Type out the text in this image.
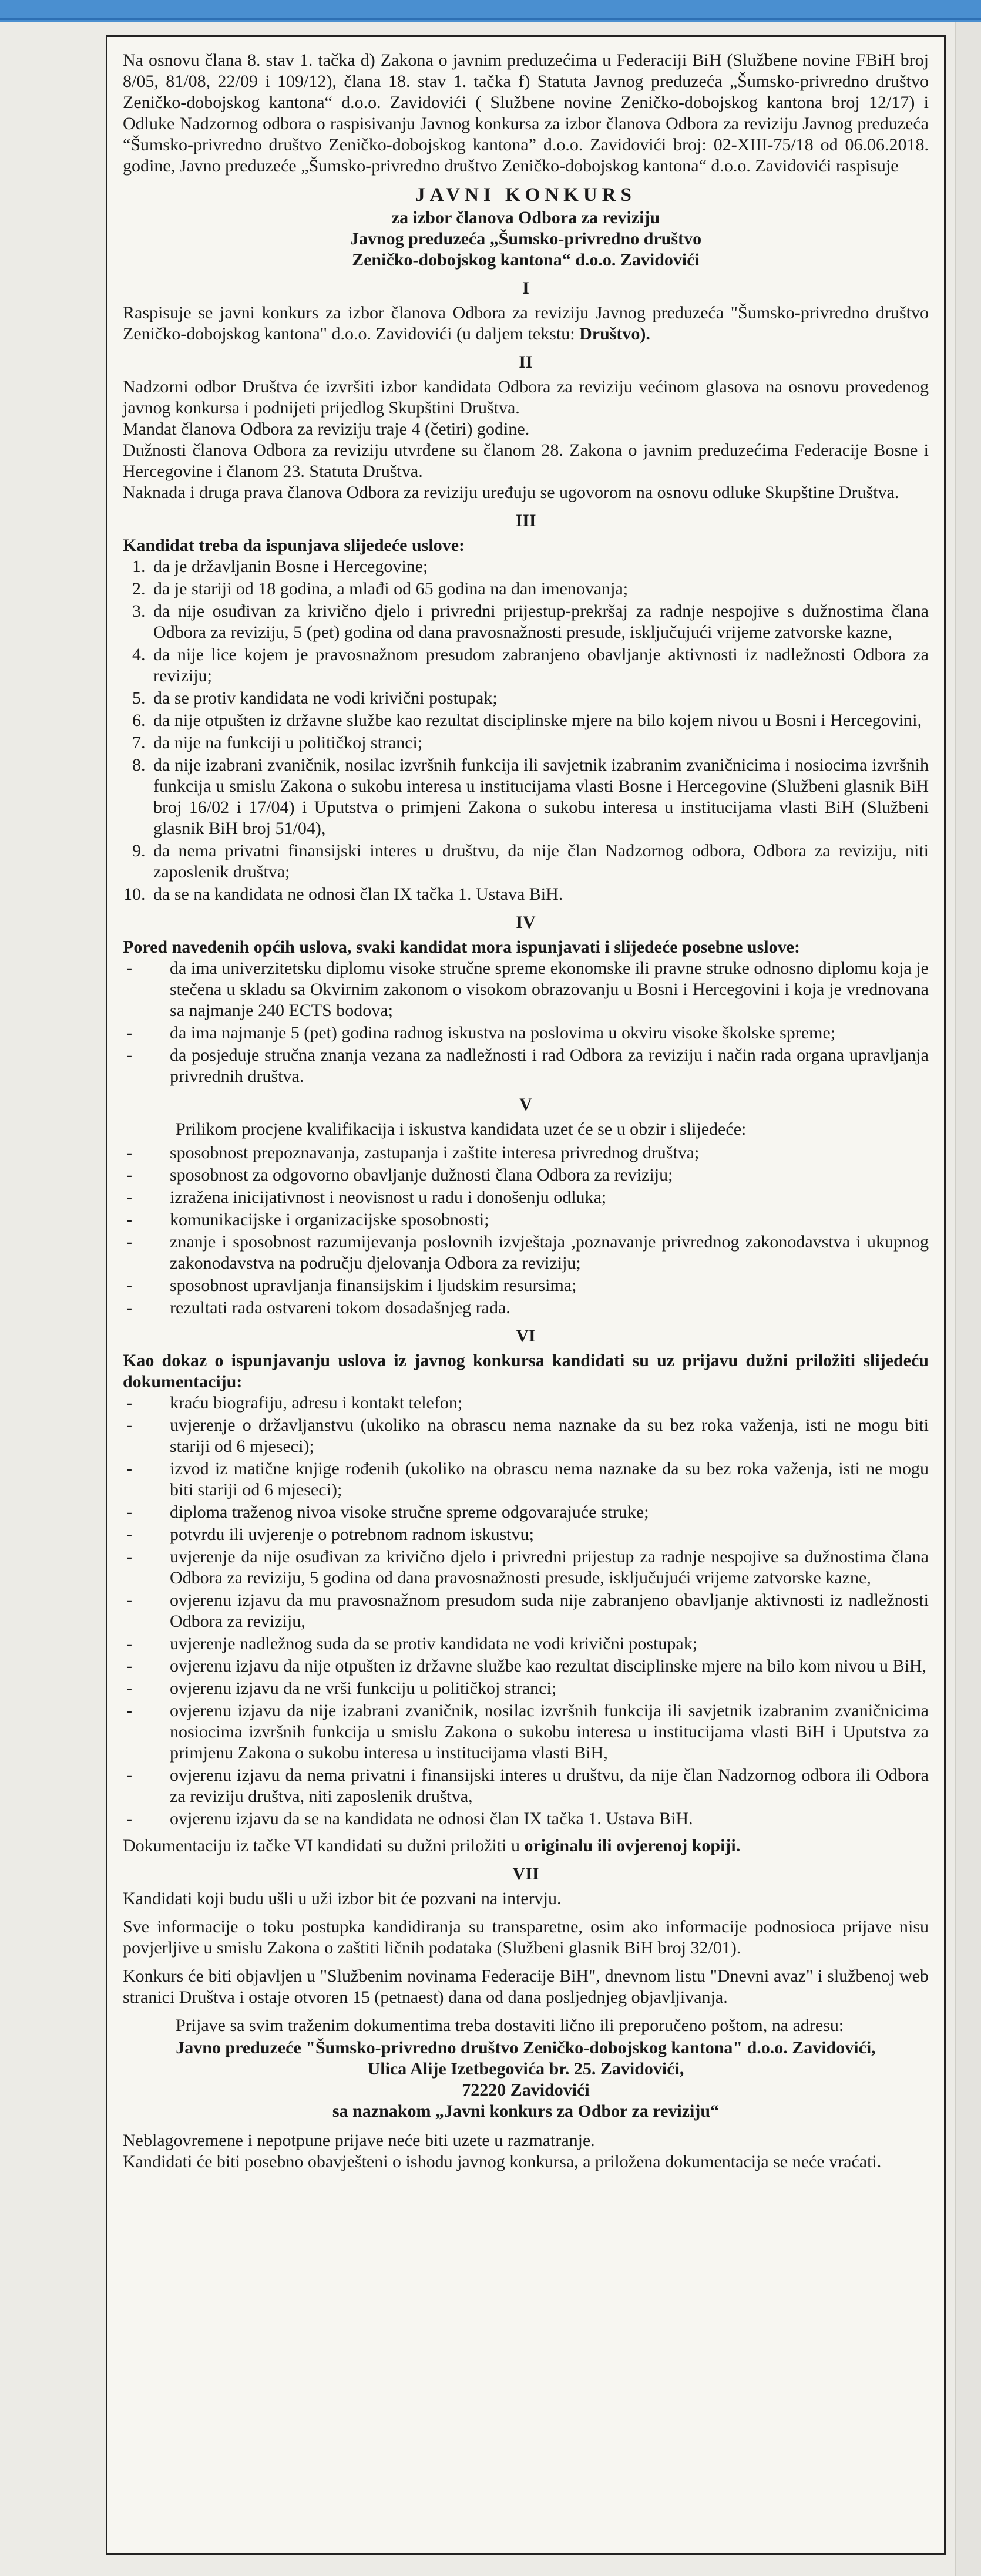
Na osnovu člana 8. stav 1. tačka d) Zakona o javnim preduzećima u Federaciji BiH (Službene novine FBiH broj 8/05, 81/08, 22/09 i 109/12), člana 18. stav 1. tačka f) Statuta Javnog preduzeća „Šumsko-privredno društvo Zeničko-dobojskog kantona“ d.o.o. Zavidovići ( Službene novine Zeničko-dobojskog kantona broj 12/17) i Odluke Nadzornog odbora o raspisivanju Javnog konkursa za izbor članova Odbora za reviziju Javnog preduzeća “Šumsko-privredno društvo Zeničko-dobojskog kantona” d.o.o. Zavidovići broj: 02-XIII-75/18 od 06.06.2018. godine, Javno preduzeće „Šumsko-privredno društvo Zeničko-dobojskog kantona“ d.o.o. Zavidovići raspisuje

JAVNI KONKURS
za izbor članova Odbora za reviziju
Javnog preduzeća „Šumsko-privredno društvo
Zeničko-dobojskog kantona“ d.o.o. Zavidovići
I

Raspisuje se javni konkurs za izbor članova Odbora za reviziju Javnog preduzeća "Šumsko-privredno društvo Zeničko-dobojskog kantona" d.o.o. Zavidovići (u daljem tekstu: Društvo).

II

Nadzorni odbor Društva će izvršiti izbor kandidata Odbora za reviziju većinom glasova na osnovu provedenog javnog konkursa i podnijeti prijedlog Skupštini Društva.

Mandat članova Odbora za reviziju traje 4 (četiri) godine.

Dužnosti članova Odbora za reviziju utvrđene su članom 28. Zakona o javnim preduzećima Federacije Bosne i Hercegovine i članom 23. Statuta Društva.

Naknada i druga prava članova Odbora za reviziju uređuju se ugovorom na osnovu odluke Skupštine Društva.

III
Kandidat treba da ispunjava slijedeće uslove:
1. da je državljanin Bosne i Hercegovine;
2. da je stariji od 18 godina, a mlađi od 65 godina na dan imenovanja;
3. da nije osuđivan za krivično djelo i privredni prijestup-prekršaj za radnje nespojive s dužnostima člana Odbora za reviziju, 5 (pet) godina od dana pravosnažnosti presude, isključujući vrijeme zatvorske kazne,
4. da nije lice kojem je pravosnažnom presudom zabranjeno obavljanje aktivnosti iz nadležnosti Odbora za reviziju;
5. da se protiv kandidata ne vodi krivični postupak;
6. da nije otpušten iz državne službe kao rezultat disciplinske mjere na bilo kojem nivou u Bosni i Hercegovini,
7. da nije na funkciji u političkoj stranci;
8. da nije izabrani zvaničnik, nosilac izvršnih funkcija ili savjetnik izabranim zvaničnicima i nosiocima izvršnih funkcija u smislu Zakona o sukobu interesa u institucijama vlasti Bosne i Hercegovine (Službeni glasnik BiH broj 16/02 i 17/04) i Uputstva o primjeni Zakona o sukobu interesa u institucijama vlasti BiH (Službeni glasnik BiH broj 51/04),
9. da nema privatni finansijski interes u društvu, da nije član Nadzornog odbora, Odbora za reviziju, niti zaposlenik društva;
10. da se na kandidata ne odnosi član IX tačka 1. Ustava BiH.
IV
Pored navedenih općih uslova, svaki kandidat mora ispunjavati i slijedeće posebne uslove:
- da ima univerzitetsku diplomu visoke stručne spreme ekonomske ili pravne struke odnosno diplomu koja je stečena u skladu sa Okvirnim zakonom o visokom obrazovanju u Bosni i Hercegovini i koja je vrednovana sa najmanje 240 ECTS bodova;
- da ima najmanje 5 (pet) godina radnog iskustva na poslovima u okviru visoke školske spreme;
- da posjeduje stručna znanja vezana za nadležnosti i rad Odbora za reviziju i način rada organa upravljanja privrednih društva.
V

Prilikom procjene kvalifikacija i iskustva kandidata uzet će se u obzir i slijedeće:

- sposobnost prepoznavanja, zastupanja i zaštite interesa privrednog društva;
- sposobnost za odgovorno obavljanje dužnosti člana Odbora za reviziju;
- izražena inicijativnost i neovisnost u radu i donošenju odluka;
- komunikacijske i organizacijske sposobnosti;
- znanje i sposobnost razumijevanja poslovnih izvještaja ,poznavanje privrednog zakonodavstva i ukupnog zakonodavstva na području djelovanja Odbora za reviziju;
- sposobnost upravljanja finansijskim i ljudskim resursima;
- rezultati rada ostvareni tokom dosadašnjeg rada.
VI
Kao dokaz o ispunjavanju uslova iz javnog konkursa kandidati su uz prijavu dužni priložiti slijedeću dokumentaciju:
- kraću biografiju, adresu i kontakt telefon;
- uvjerenje o državljanstvu (ukoliko na obrascu nema naznake da su bez roka važenja, isti ne mogu biti stariji od 6 mjeseci);
- izvod iz matične knjige rođenih (ukoliko na obrascu nema naznake da su bez roka važenja, isti ne mogu biti stariji od 6 mjeseci);
- diploma traženog nivoa visoke stručne spreme odgovarajuće struke;
- potvrdu ili uvjerenje o potrebnom radnom iskustvu;
- uvjerenje da nije osuđivan za krivično djelo i privredni prijestup za radnje nespojive sa dužnostima člana Odbora za reviziju, 5 godina od dana pravosnažnosti presude, isključujući vrijeme zatvorske kazne,
- ovjerenu izjavu da mu pravosnažnom presudom suda nije zabranjeno obavljanje aktivnosti iz nadležnosti Odbora za reviziju,
- uvjerenje nadležnog suda da se protiv kandidata ne vodi krivični postupak;
- ovjerenu izjavu da nije otpušten iz državne službe kao rezultat disciplinske mjere na bilo kom nivou u BiH,
- ovjerenu izjavu da ne vrši funkciju u političkoj stranci;
- ovjerenu izjavu da nije izabrani zvaničnik, nosilac izvršnih funkcija ili savjetnik izabranim zvaničnicima nosiocima izvršnih funkcija u smislu Zakona o sukobu interesa u institucijama vlasti BiH i Uputstva za primjenu Zakona o sukobu interesa u institucijama vlasti BiH,
- ovjerenu izjavu da nema privatni i finansijski interes u društvu, da nije član Nadzornog odbora ili Odbora za reviziju društva, niti zaposlenik društva,
- ovjerenu izjavu da se na kandidata ne odnosi član IX tačka 1. Ustava BiH.

Dokumentaciju iz tačke VI kandidati su dužni priložiti u originalu ili ovjerenoj kopiji.

VII

Kandidati koji budu ušli u uži izbor bit će pozvani na intervju.

Sve informacije o toku postupka kandidiranja su transparetne, osim ako informacije podnosioca prijave nisu povjerljive u smislu Zakona o zaštiti ličnih podataka (Službeni glasnik BiH broj 32/01).

Konkurs će biti objavljen u "Službenim novinama Federacije BiH", dnevnom listu "Dnevni avaz" i službenoj web stranici Društva i ostaje otvoren 15 (petnaest) dana od dana posljednjeg objavljivanja.

Prijave sa svim traženim dokumentima treba dostaviti lično ili preporučeno poštom, na adresu:

Javno preduzeće "Šumsko-privredno društvo Zeničko-dobojskog kantona" d.o.o. Zavidovići,
Ulica Alije Izetbegovića br. 25. Zavidovići,
72220 Zavidovići
sa naznakom „Javni konkurs za Odbor za reviziju“

Neblagovremene i nepotpune prijave neće biti uzete u razmatranje.

Kandidati će biti posebno obavješteni o ishodu javnog konkursa, a priložena dokumentacija se neće vraćati.
